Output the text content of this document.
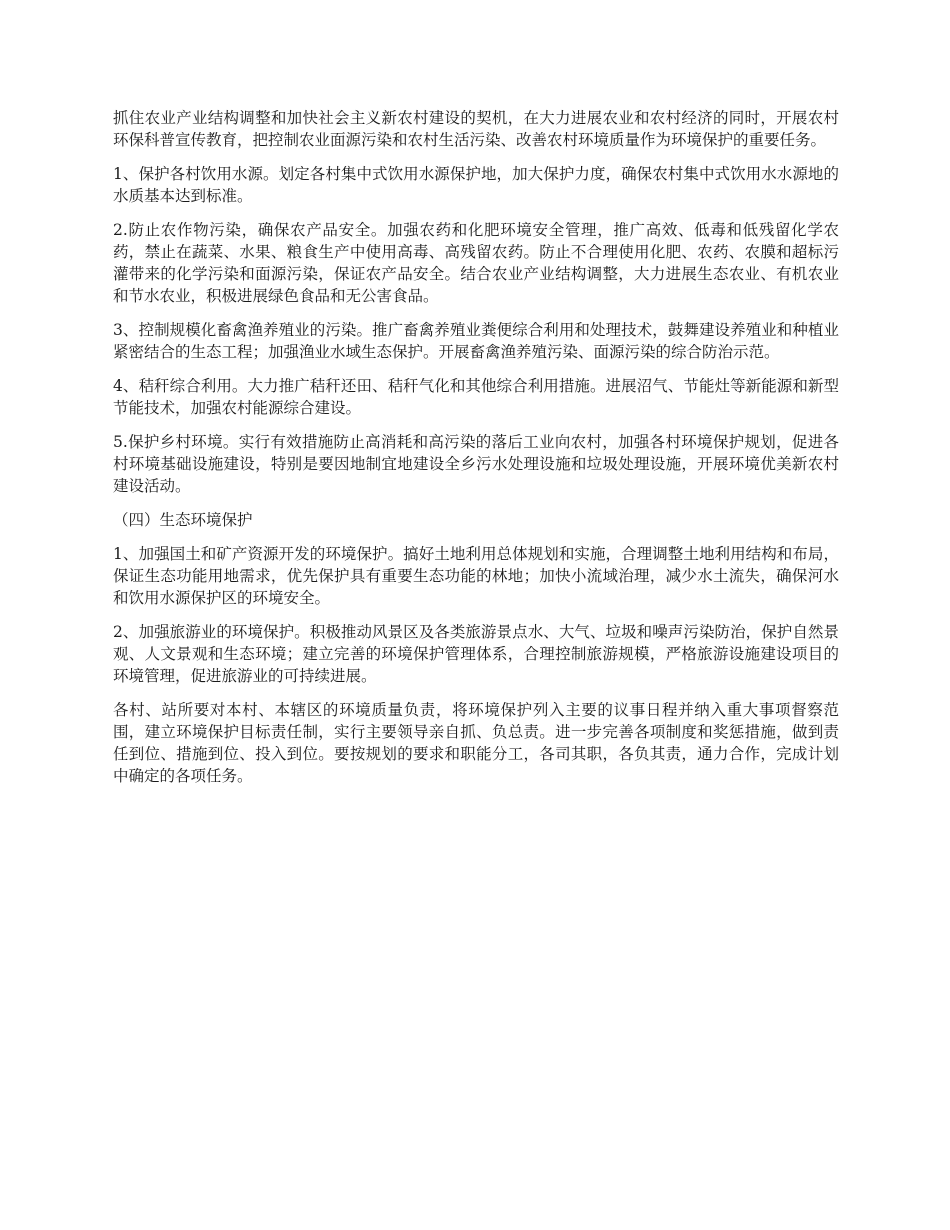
抓住农业产业结构调整和加快社会主义新农村建设的契机，在大力进展农业和农村经济的同时，开展农村环保科普宣传教育，把控制农业面源污染和农村生活污染、改善农村环境质量作为环境保护的重要任务。

1、保护各村饮用水源。划定各村集中式饮用水源保护地，加大保护力度，确保农村集中式饮用水水源地的水质基本达到标准。

2.防止农作物污染，确保农产品安全。加强农药和化肥环境安全管理，推广高效、低毒和低残留化学农药，禁止在蔬菜、水果、粮食生产中使用高毒、高残留农药。防止不合理使用化肥、农药、农膜和超标污灌带来的化学污染和面源污染，保证农产品安全。结合农业产业结构调整，大力进展生态农业、有机农业和节水农业，积极进展绿色食品和无公害食品。

3、控制规模化畜禽渔养殖业的污染。推广畜禽养殖业粪便综合利用和处理技术，鼓舞建设养殖业和种植业紧密结合的生态工程；加强渔业水域生态保护。开展畜禽渔养殖污染、面源污染的综合防治示范。

4、秸秆综合利用。大力推广秸秆还田、秸秆气化和其他综合利用措施。进展沼气、节能灶等新能源和新型节能技术，加强农村能源综合建设。

5.保护乡村环境。实行有效措施防止高消耗和高污染的落后工业向农村，加强各村环境保护规划，促进各村环境基础设施建设，特别是要因地制宜地建设全乡污水处理设施和垃圾处理设施，开展环境优美新农村建设活动。

（四）生态环境保护

1、加强国土和矿产资源开发的环境保护。搞好土地利用总体规划和实施，合理调整土地利用结构和布局，保证生态功能用地需求，优先保护具有重要生态功能的林地；加快小流域治理，减少水土流失，确保河水和饮用水源保护区的环境安全。

2、加强旅游业的环境保护。积极推动风景区及各类旅游景点水、大气、垃圾和噪声污染防治，保护自然景观、人文景观和生态环境；建立完善的环境保护管理体系，合理控制旅游规模，严格旅游设施建设项目的环境管理，促进旅游业的可持续进展。

各村、站所要对本村、本辖区的环境质量负责，将环境保护列入主要的议事日程并纳入重大事项督察范围，建立环境保护目标责任制，实行主要领导亲自抓、负总责。进一步完善各项制度和奖惩措施，做到责任到位、措施到位、投入到位。要按规划的要求和职能分工，各司其职，各负其责，通力合作，完成计划中确定的各项任务。
